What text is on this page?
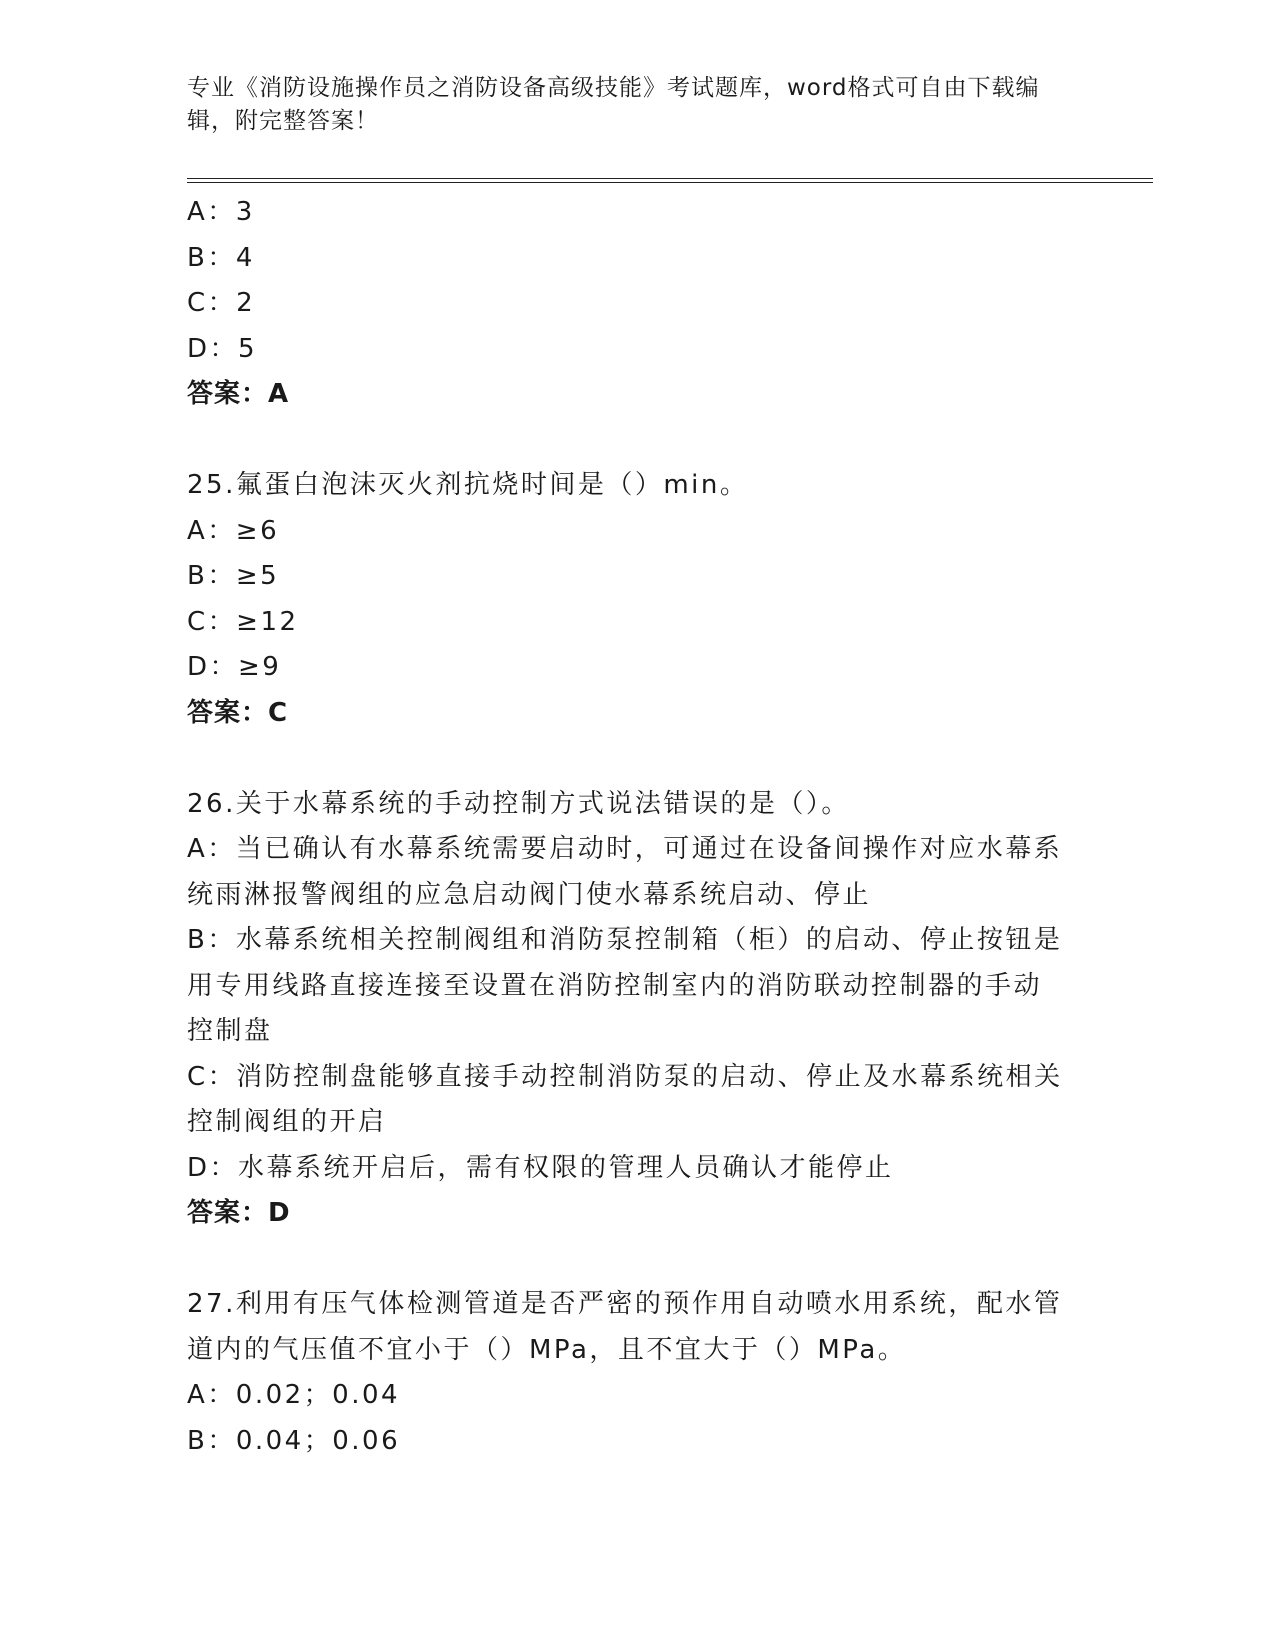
专业《消防设施操作员之消防设备高级技能》考试题库，word格式可自由下载编辑，附完整答案！
A：3
B：4
C：2
D：5
答案：A
25.氟蛋白泡沫灭火剂抗烧时间是（）min。
A：≥6
B：≥5
C：≥12
D：≥9
答案：C
26.关于水幕系统的手动控制方式说法错误的是（）。
A：当已确认有水幕系统需要启动时，可通过在设备间操作对应水幕系
统雨淋报警阀组的应急启动阀门使水幕系统启动、停止
B：水幕系统相关控制阀组和消防泵控制箱（柜）的启动、停止按钮是
用专用线路直接连接至设置在消防控制室内的消防联动控制器的手动
控制盘
C：消防控制盘能够直接手动控制消防泵的启动、停止及水幕系统相关
控制阀组的开启
D：水幕系统开启后，需有权限的管理人员确认才能停止
答案：D
27.利用有压气体检测管道是否严密的预作用自动喷水用系统，配水管
道内的气压值不宜小于（）MPa，且不宜大于（）MPa。
A：0.02；0.04
B：0.04；0.06
